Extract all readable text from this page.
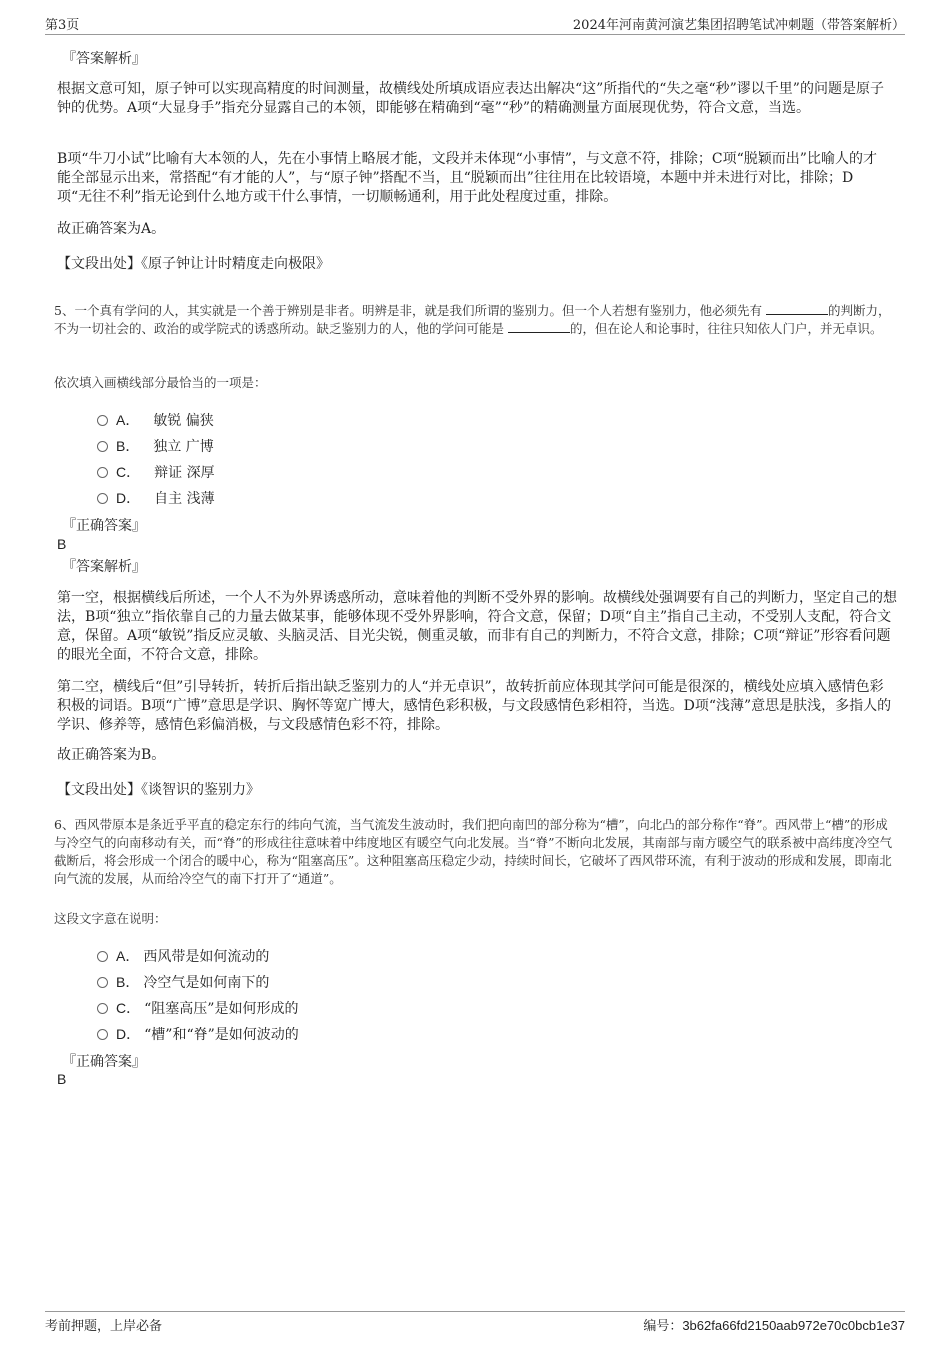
第3页	2024年河南黄河演艺集团招聘笔试冲刺题（带答案解析）
『答案解析』

根据文意可知，原子钟可以实现高精度的时间测量，故横线处所填成语应表达出解决“这”所指代的“失之毫“秒”谬以千里”的问题是原子钟的优势。A项“大显身手”指充分显露自己的本领，即能够在精确到“毫”“秒”的精确测量方面展现优势，符合文意，当选。

B项“牛刀小试”比喻有大本领的人，先在小事情上略展才能，文段并未体现“小事情”，与文意不符，排除；C项“脱颖而出”比喻人的才能全部显示出来，常搭配“有才能的人”，与“原子钟”搭配不当，且“脱颖而出”往往用在比较语境，本题中并未进行对比，排除；D项“无往不利”指无论到什么地方或干什么事情，一切顺畅通利，用于此处程度过重，排除。

故正确答案为A。

【文段出处】《原子钟让计时精度走向极限》

5、一个真有学问的人，其实就是一个善于辨别是非者。明辨是非，就是我们所谓的鉴别力。但一个人若想有鉴别力，他必须先有	的判断力，不为一切社会的、政治的或学院式的诱惑所动。缺乏鉴别力的人，他的学问可能是	的，但在论人和论事时，往往只知依人门户，并无卓识。

依次填入画横线部分最恰当的一项是：

A． 敏锐 偏狭
B． 独立 广博
C． 辩证 深厚
D． 自主 浅薄
『正确答案』
B
『答案解析』

第一空，根据横线后所述，一个人不为外界诱惑所动，意味着他的判断不受外界的影响。故横线处强调要有自己的判断力，坚定自己的想法，B项“独立”指依靠自己的力量去做某事，能够体现不受外界影响，符合文意，保留；D项“自主”指自己主动，不受别人支配，符合文意，保留。A项“敏锐”指反应灵敏、头脑灵活、目光尖锐，侧重灵敏，而非有自己的判断力，不符合文意，排除；C项“辩证”形容看问题的眼光全面，不符合文意，排除。

第二空，横线后“但”引导转折，转折后指出缺乏鉴别力的人“并无卓识”，故转折前应体现其学问可能是很深的，横线处应填入感情色彩积极的词语。B项“广博”意思是学识、胸怀等宽广博大，感情色彩积极，与文段感情色彩相符，当选。D项“浅薄”意思是肤浅，多指人的学识、修养等，感情色彩偏消极，与文段感情色彩不符，排除。

故正确答案为B。

【文段出处】《谈智识的鉴别力》

6、西风带原本是条近乎平直的稳定东行的纬向气流，当气流发生波动时，我们把向南凹的部分称为“槽”，向北凸的部分称作“脊”。西风带上“槽”的形成与冷空气的向南移动有关，而“脊”的形成往往意味着中纬度地区有暖空气向北发展。当“脊”不断向北发展，其南部与南方暖空气的联系被中高纬度冷空气截断后，将会形成一个闭合的暖中心，称为“阻塞高压”。这种阻塞高压稳定少动，持续时间长，它破坏了西风带环流，有利于波动的形成和发展，即南北向气流的发展，从而给冷空气的南下打开了“通道”。

这段文字意在说明：

A． 西风带是如何流动的
B． 冷空气是如何南下的
C． “阻塞高压”是如何形成的
D． “槽”和“脊”是如何波动的
『正确答案』
B
考前押题，上岸必备	编号：3b62fa66fd2150aab972e70c0bcb1e37
